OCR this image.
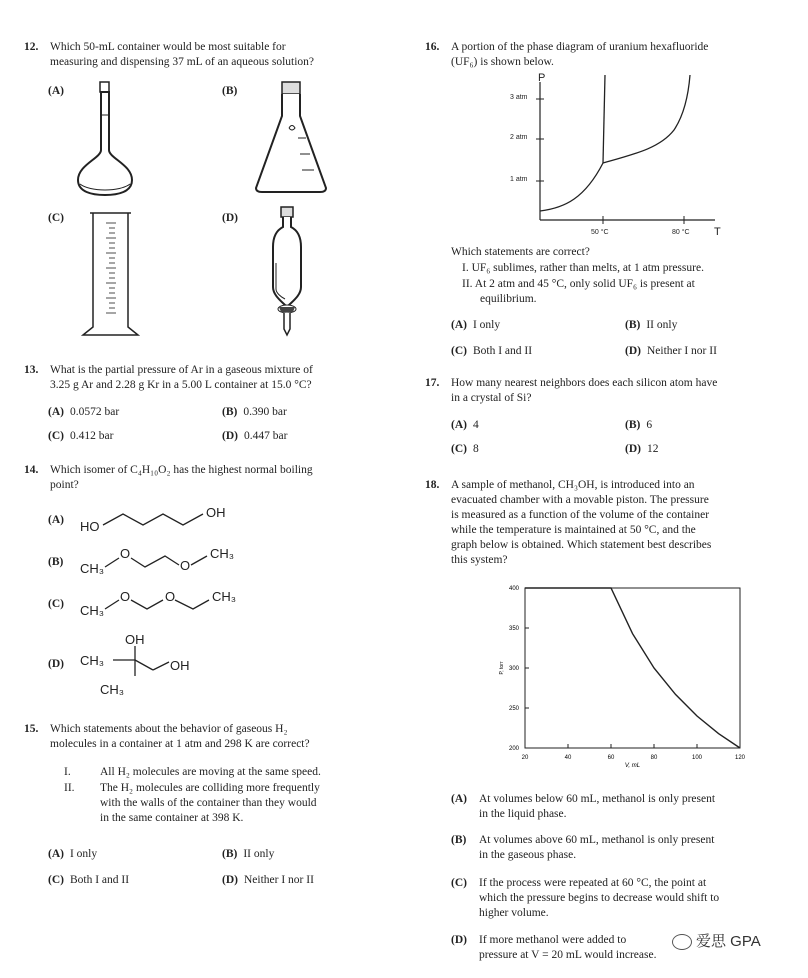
12. Which 50-mL container would be most suitable for
measuring and dispensing 37 mL of an aqueous solution?
(A)	(B)
(C)	(D)
13. What is the partial pressure of Ar in a gaseous mixture of
3.25 g Ar and 2.28 g Kr in a 5.00 L container at 15.0 °C?
(A) 0.0572 bar	(B) 0.390 bar
(C) 0.412 bar	(D) 0.447 bar
14. Which isomer of C₄H₁₀O₂ has the highest normal boiling
point?
(A)
(B)
(C)
(D)
HO
OH
CH₃
O
O
CH₃
CH₃
O	O	CH₃
OH
CH₃	OH
CH₃
15. Which statements about the behavior of gaseous H₂
molecules in a container at 1 atm and 298 K are correct?
I.	All H₂ molecules are moving at the same speed.
II. The H₂ molecules are colliding more frequently
with the walls of the container than they would
in the same container at 398 K.
(A) I only	(B) II only
(C) Both I and II	(D) Neither I nor II
16. A portion of the phase diagram of uranium hexafluoride
(UF₆) is shown below.
P
T
3 atm
2 atm
1 atm
50 °C	80 °C
Which statements are correct?
I. UF₆ sublimes, rather than melts, at 1 atm pressure.
II. At 2 atm and 45 °C, only solid UF₆ is present at
equilibrium.
(A) I only	(B) II only
(C) Both I and II	(D) Neither I nor II
17. How many nearest neighbors does each silicon atom have
in a crystal of Si?
(A) 4	(B) 6
(C) 8	(D) 12
18. A sample of methanol, CH₃OH, is introduced into an
evacuated chamber with a movable piston. The pressure
is measured as a function of the volume of the container
while the temperature is maintained at 50 °C, and the
graph below is obtained. Which statement best describes
this system?
20	40	60	80	100	120
400
350
300
250
200
V, mL
P, torr
(A) At volumes below 60 mL, methanol is only present
in the liquid phase.
(B) At volumes above 60 mL, methanol is only present
in the gaseous phase.
(C) If the process were repeated at 60 °C, the point at
which the pressure begins to decrease would shift to
higher volume.
(D) If more methanol were added to
pressure at V = 20 mL would increase.
爱思 GPA
